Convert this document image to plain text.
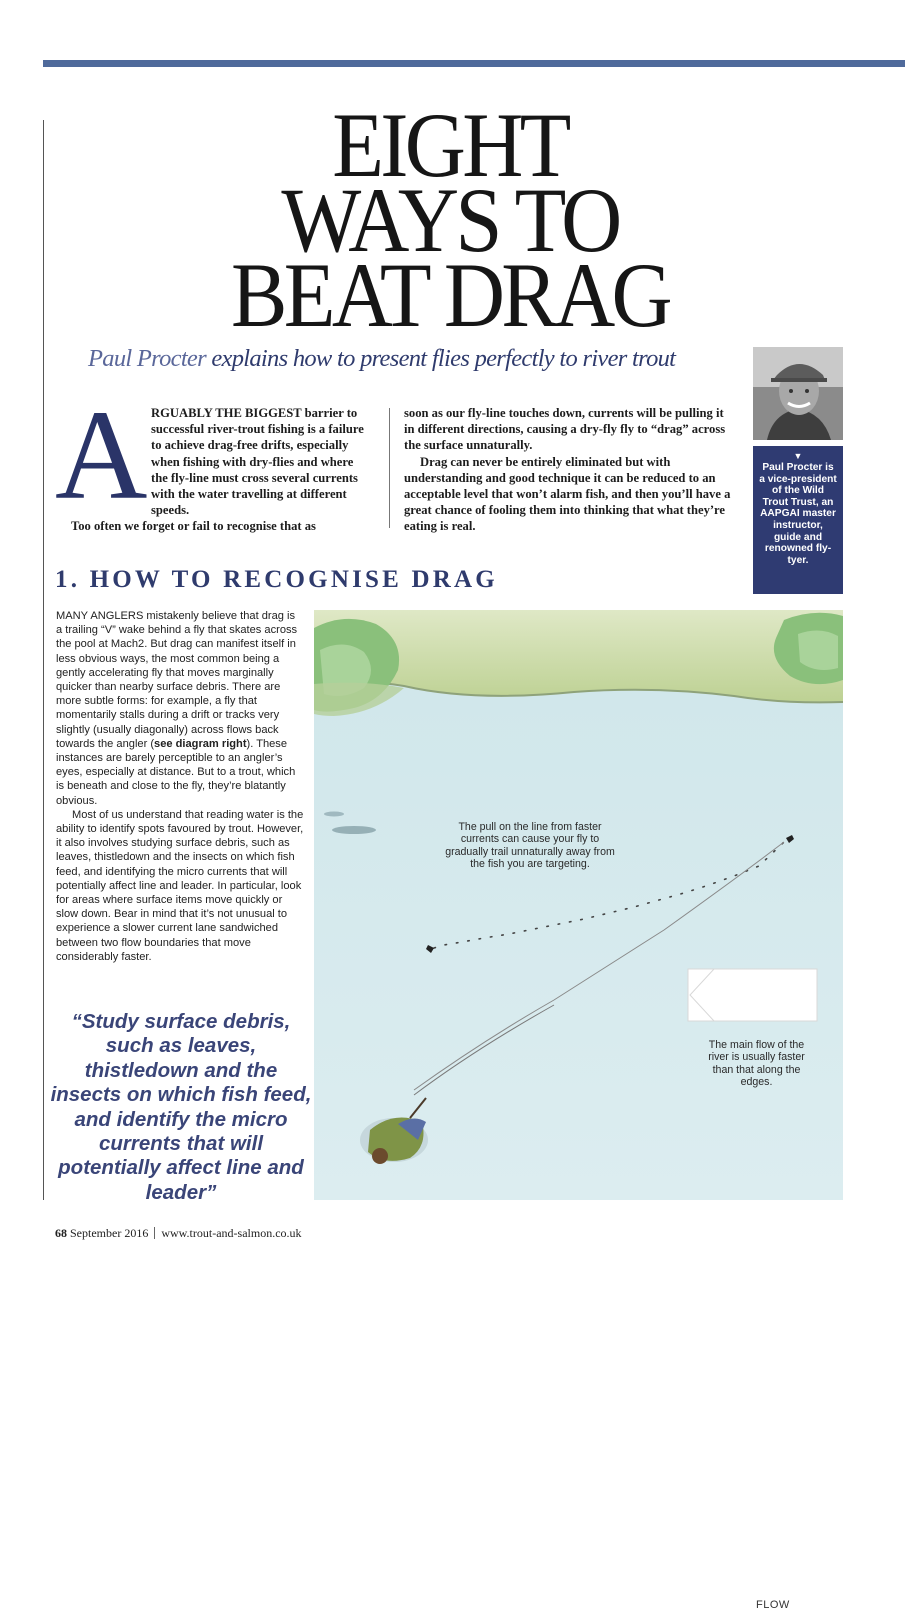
EIGHT
WAYS TO
BEAT DRAG
Paul Procter explains how to present flies perfectly to river trout
A RGUABLY THE BIGGEST barrier to successful river-trout fishing is a failure to achieve drag-free drifts, especially when fishing with dry-flies and where the fly-line must cross several currents with the water travelling at different speeds.

Too often we forget or fail to recognise that as

soon as our fly-line touches down, currents will be pulling it in different directions, causing a dry-fly fly to “drag” across the surface unnaturally.

Drag can never be entirely eliminated but with understanding and good technique it can be reduced to an acceptable level that won’t alarm fish, and then you’ll have a great chance of fooling them into thinking that what they’re eating is real.

▼
Paul Procter is a vice-president of the Wild Trout Trust, an AAPGAI master instructor, guide and renowned fly-tyer.
1. HOW TO RECOGNISE DRAG

MANY ANGLERS mistakenly believe that drag is a trailing “V” wake behind a fly that skates across the pool at Mach2. But drag can manifest itself in less obvious ways, the most common being a gently accelerating fly that moves marginally quicker than nearby surface debris. There are more subtle forms: for example, a fly that momentarily stalls during a drift or tracks very slightly (usually diagonally) across flows back towards the angler (see diagram right). These instances are barely perceptible to an angler’s eyes, especially at distance. But to a trout, which is beneath and close to the fly, they’re blatantly obvious.

Most of us understand that reading water is the ability to identify spots favoured by trout. However, it also involves studying surface debris, such as leaves, thistledown and the insects on which fish feed, and identifying the micro currents that will potentially affect line and leader. In particular, look for areas where surface items move quickly or slow down. Bear in mind that it’s not unusual to experience a slower current lane sandwiched between two flow boundaries that move considerably faster.

“Study surface debris, such as leaves, thistledown and the insects on which fish feed, and identify the micro currents that will potentially affect line and leader”
The pull on the line from faster currents can cause your fly to gradually trail unnaturally away from the fish you are targeting.
FLOW
The main flow of the river is usually faster than that along the edges.
68 September 2016 www.trout-and-salmon.co.uk
